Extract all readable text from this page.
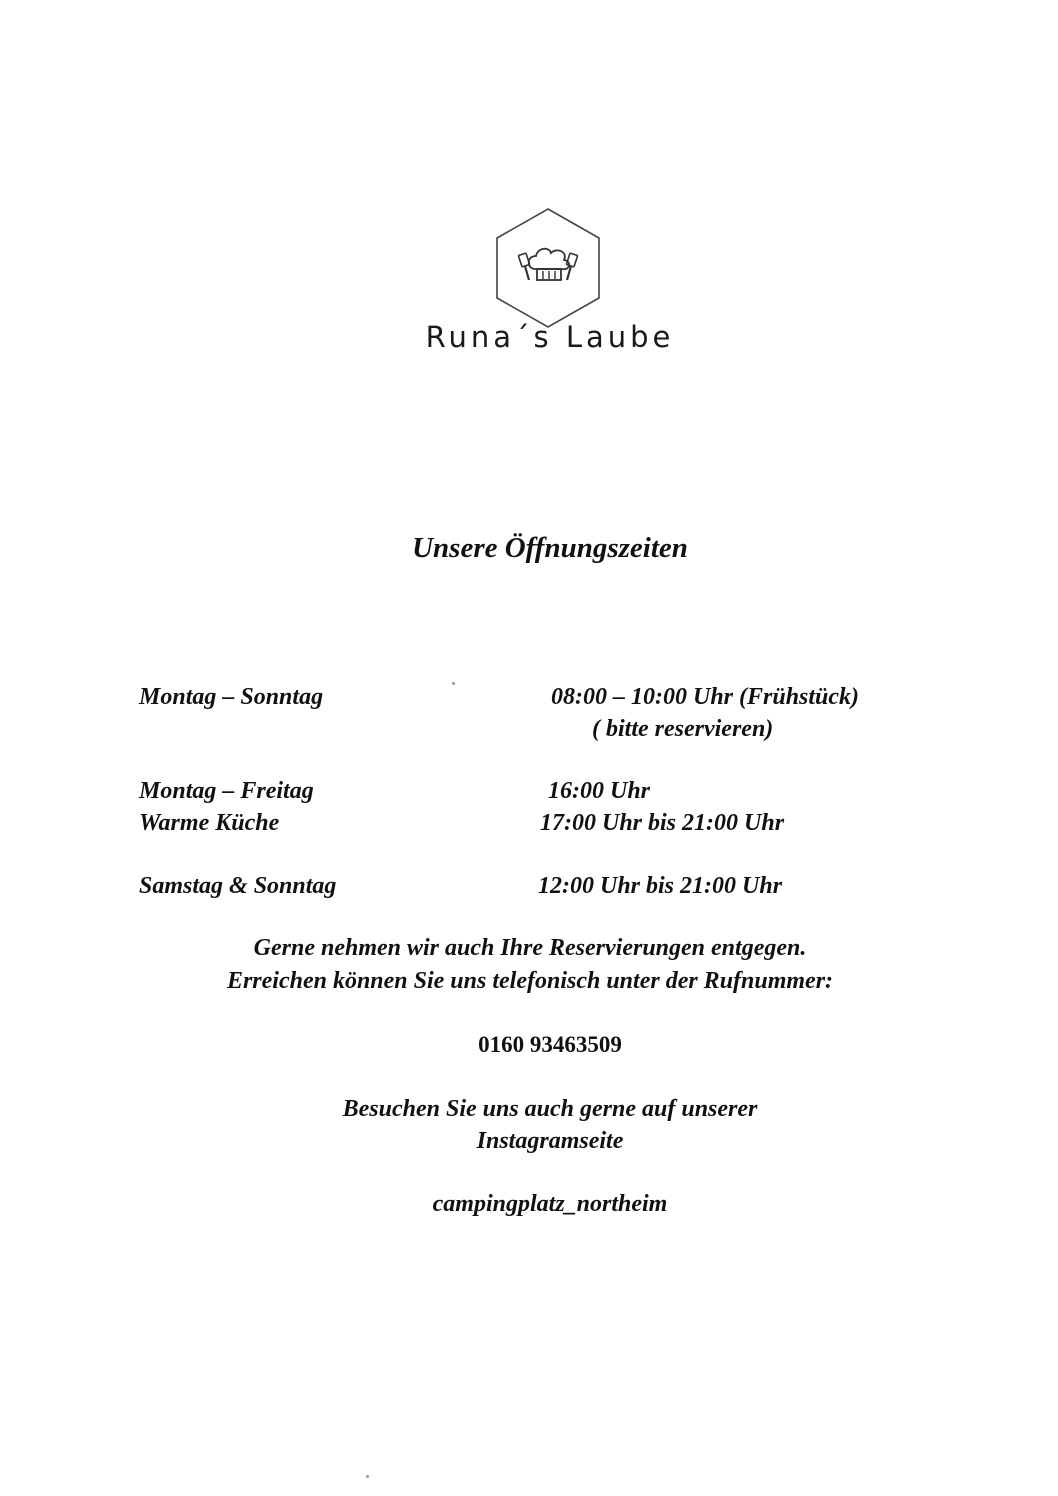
Runa´s Laube
Unsere Öffnungszeiten
Montag – Sonntag	08:00 – 10:00 Uhr (Frühstück)
( bitte reservieren)
Montag – Freitag	16:00 Uhr
Warme Küche	17:00 Uhr bis 21:00 Uhr
Samstag & Sonntag	12:00 Uhr bis 21:00 Uhr
Gerne nehmen wir auch Ihre Reservierungen entgegen.
Erreichen können Sie uns telefonisch unter der Rufnummer:
0160 93463509
Besuchen Sie uns auch gerne auf unserer
Instagramseite
campingplatz_northeim
